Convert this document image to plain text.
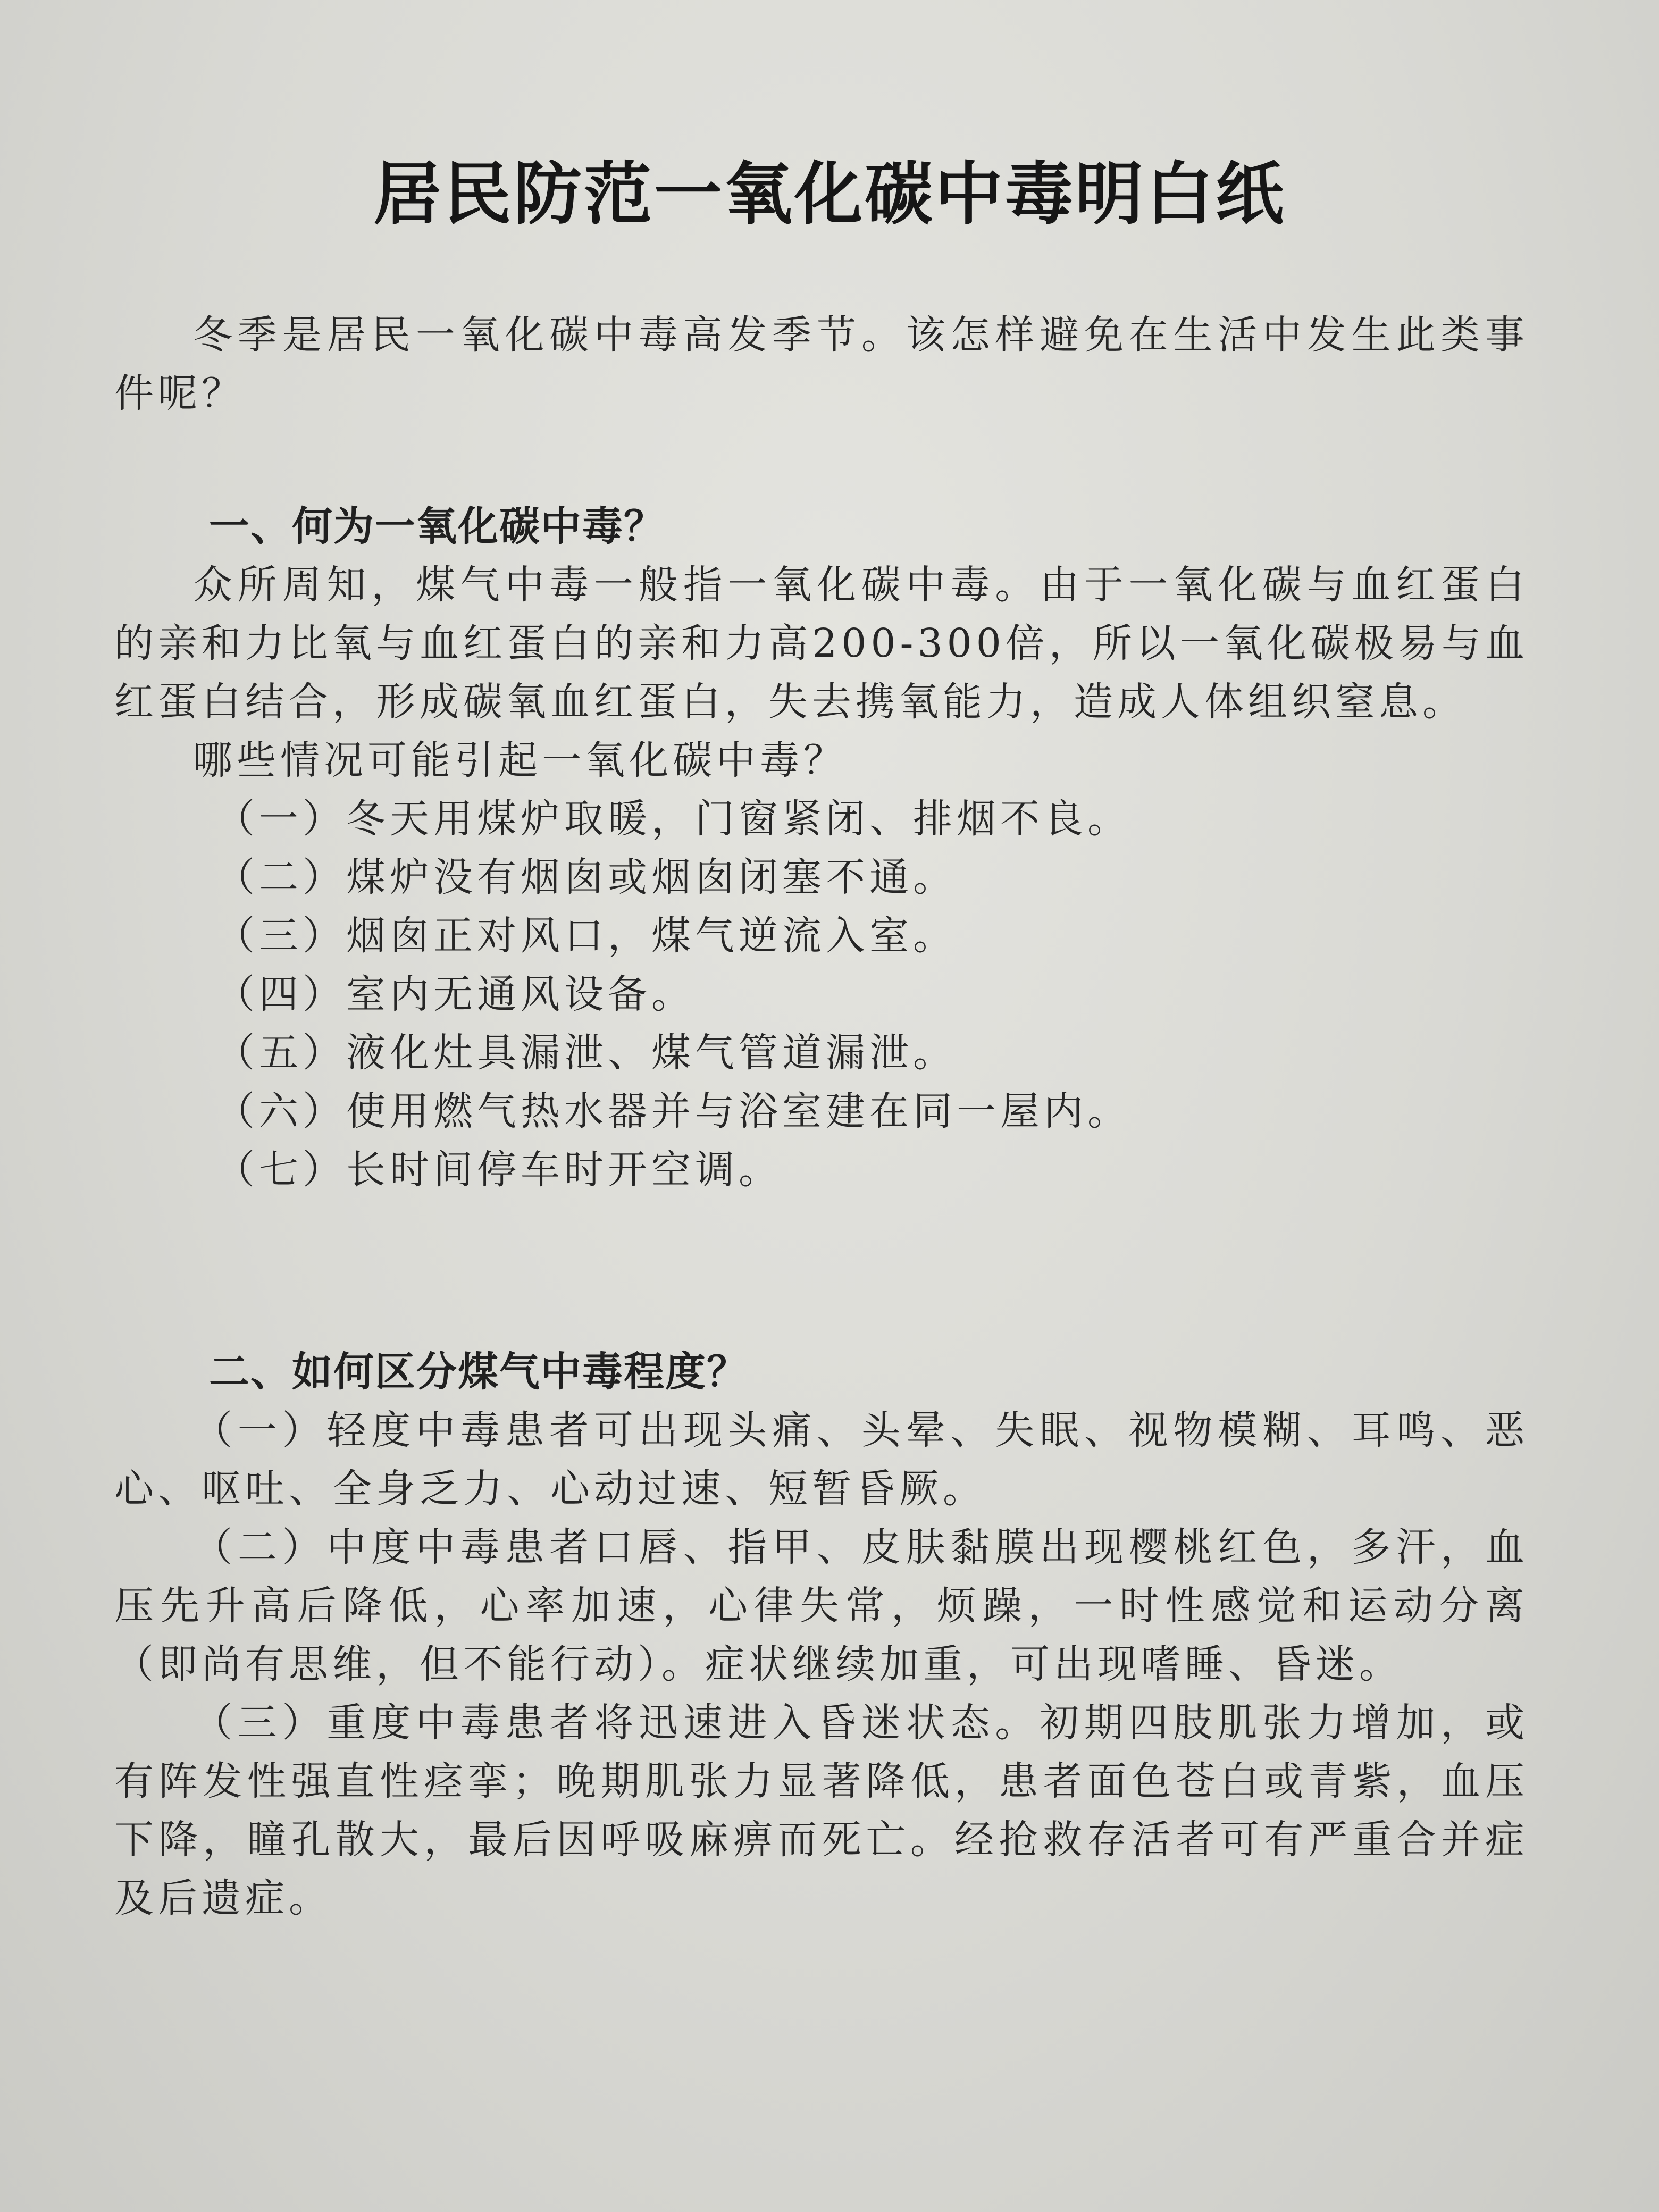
居民防范一氧化碳中毒明白纸

冬季是居民一氧化碳中毒高发季节。该怎样避免在生活中发生此类事件呢？

一、何为一氧化碳中毒？

众所周知，煤气中毒一般指一氧化碳中毒。由于一氧化碳与血红蛋白的亲和力比氧与血红蛋白的亲和力高200-300倍，所以一氧化碳极易与血红蛋白结合，形成碳氧血红蛋白，失去携氧能力，造成人体组织窒息。

哪些情况可能引起一氧化碳中毒？

（一）冬天用煤炉取暖，门窗紧闭、排烟不良。

（二）煤炉没有烟囱或烟囱闭塞不通。

（三）烟囱正对风口，煤气逆流入室。

（四）室内无通风设备。

（五）液化灶具漏泄、煤气管道漏泄。

（六）使用燃气热水器并与浴室建在同一屋内。

（七）长时间停车时开空调。

二、如何区分煤气中毒程度？

（一）轻度中毒患者可出现头痛、头晕、失眠、视物模糊、耳鸣、恶心、呕吐、全身乏力、心动过速、短暂昏厥。

（二）中度中毒患者口唇、指甲、皮肤黏膜出现樱桃红色，多汗，血压先升高后降低，心率加速，心律失常，烦躁，一时性感觉和运动分离（即尚有思维，但不能行动）。症状继续加重，可出现嗜睡、昏迷。

（三）重度中毒患者将迅速进入昏迷状态。初期四肢肌张力增加，或有阵发性强直性痉挛；晚期肌张力显著降低，患者面色苍白或青紫，血压下降，瞳孔散大，最后因呼吸麻痹而死亡。经抢救存活者可有严重合并症及后遗症。
